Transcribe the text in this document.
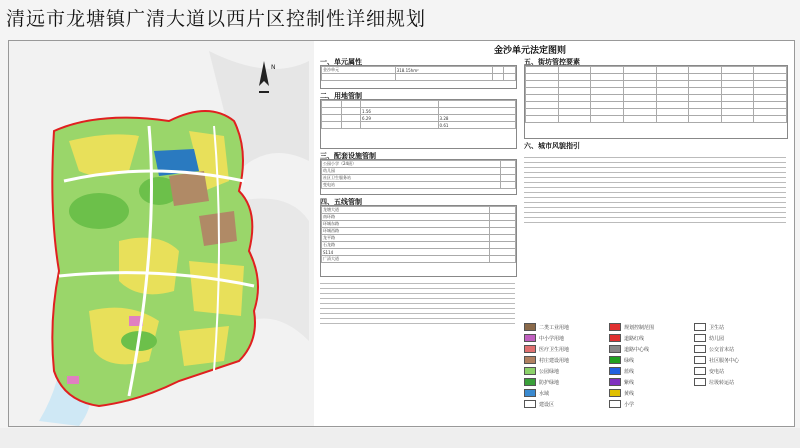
清远市龙塘镇广清大道以西片区控制性详细规划
N
金沙单元法定图则
一、单元属性
金沙单元	318.15hm²		

二、用地管制

		1.56	
		6.29	3.28
			0.61
三、配套设施管制
公园小学（24班）	
幼儿园	
社区卫生服务站	
变电站	
四、五线管制
龙塘大道	
南环路	
环城东路	
环城西路	
龙平路	
石龙路	
S114	
广清大道	
五、街坊管控要素

六、城市风貌指引
二类工业用地
中小学用地
医疗卫生用地
村庄建设用地
公园绿地
防护绿地
水域
建设区
规划控制范围
道路红线
道路中心线
绿线
蓝线
紫线
黄线
小学
卫生站
幼儿园
公交首末站
社区服务中心
变电站
垃圾转运站
